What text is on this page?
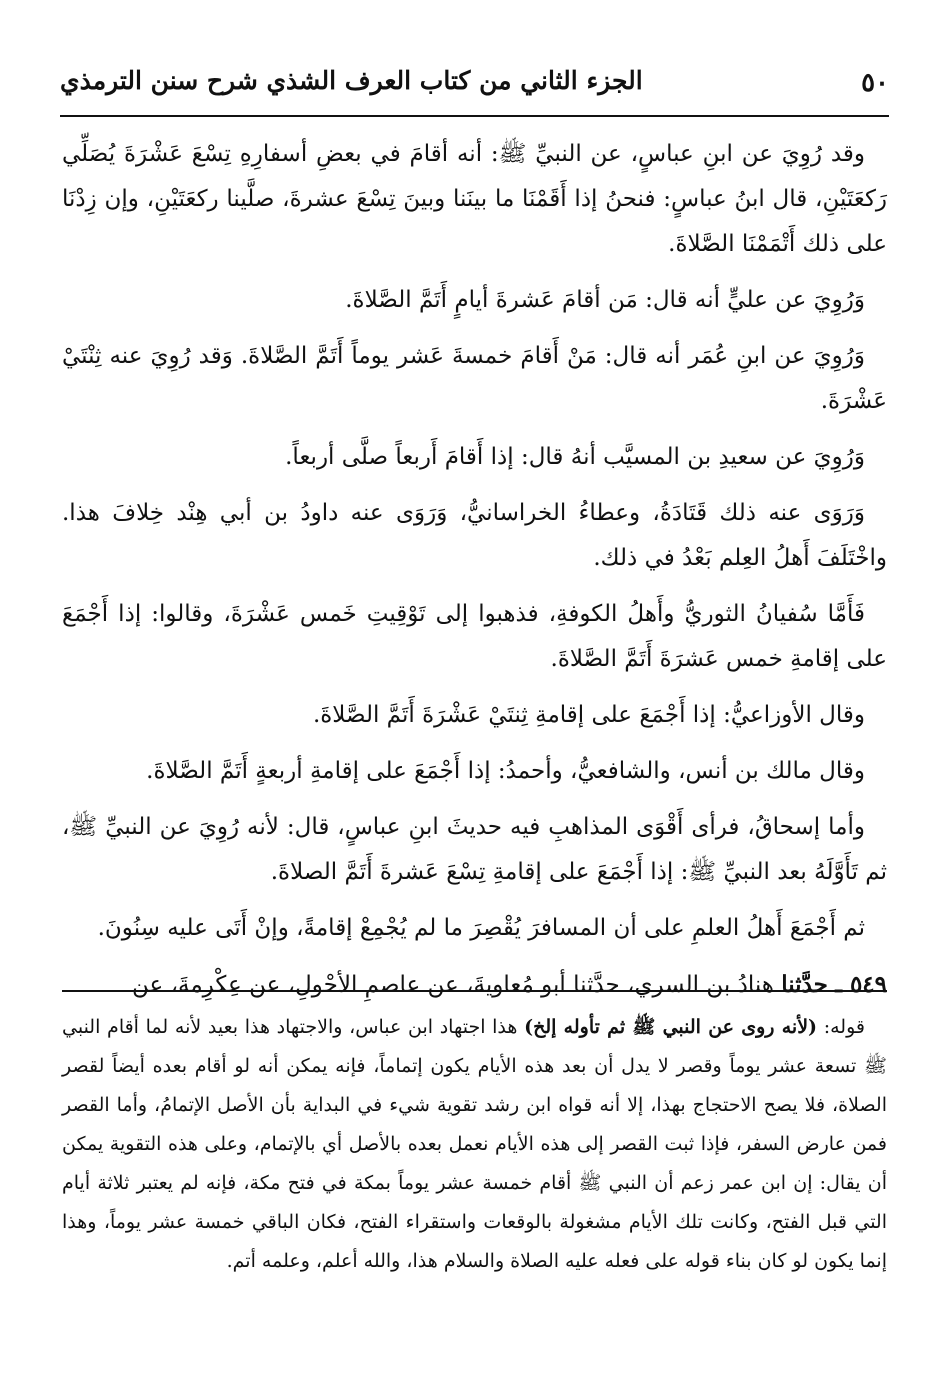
٥٠
الجزء الثاني من كتاب العرف الشذي شرح سنن الترمذي

وقد رُوِيَ عن ابنِ عباسٍ، عن النبيِّ ﷺ: أنه أقامَ في بعضِ أسفارِهِ تِسْعَ عَشْرَةَ يُصَلِّي رَكعَتَيْنِ، قال ابنُ عباسٍ: فنحنُ إذا أَقَمْنَا ما بينَنا وبينَ تِسْعَ عشرةَ، صلَّينا ركعَتَيْنِ، وإن زِدْنَا على ذلك أَتْمَمْنَا الصَّلاةَ.

وَرُوِيَ عن عليٍّ أنه قال: مَن أقامَ عَشرةَ أيامٍ أَتَمَّ الصَّلاةَ.

وَرُوِيَ عن ابنِ عُمَر أنه قال: مَنْ أَقامَ خمسةَ عَشر يوماً أَتَمَّ الصَّلاةَ. وَقد رُوِيَ عنه ثِنْتَيْ عَشْرَةَ.

وَرُوِيَ عن سعيدِ بن المسيَّب أنهُ قال: إذا أَقامَ أَربعاً صلَّى أربعاً.

وَرَوَى عنه ذلك قَتَادَةُ، وعطاءُ الخراسانيُّ، وَرَوَى عنه داودُ بن أبي هِنْد خِلافَ هذا. واخْتَلَفَ أَهلُ العِلم بَعْدُ في ذلك.

فَأَمَّا سُفيانُ الثوريُّ وأَهلُ الكوفةِ، فذهبوا إلى تَوْقِيتِ خَمس عَشْرَةَ، وقالوا: إذا أَجْمَعَ على إقامةِ خمس عَشرَةَ أَتَمَّ الصَّلاةَ.

وقال الأوزاعيُّ: إذا أَجْمَعَ على إقامةِ ثِنتَيْ عَشْرَةَ أَتَمَّ الصَّلاةَ.

وقال مالك بن أنس، والشافعيُّ، وأحمدُ: إذا أَجْمَعَ على إقامةِ أربعةٍ أَتَمَّ الصَّلاةَ.

وأما إسحاقُ، فرأى أَقْوَى المذاهبِ فيه حديثَ ابنِ عباسٍ، قال: لأنه رُوِيَ عن النبيِّ ﷺ، ثم تَأَوَّلَهُ بعد النبيِّ ﷺ: إذا أَجْمَعَ على إقامةِ تِسْعَ عَشرةَ أَتَمَّ الصلاةَ.

ثم أَجْمَعَ أَهلُ العلمِ على أن المسافرَ يُقْصِرَ ما لم يُجْمِعْ إقامةً، وإنْ أَتَى عليه سِنُونَ.

٥٤٩ ـ حدَّثنا هنادُ بن السري، حدَّثنا أبو مُعاويةَ، عن عاصمِ الأحْولِ، عن عِكْرِمةَ، عن

قوله: (لأنه روى عن النبي ﷺ ثم تأوله إلخ) هذا اجتهاد ابن عباس، والاجتهاد هذا بعيد لأنه لما أقام النبي ﷺ تسعة عشر يوماً وقصر لا يدل أن بعد هذه الأيام يكون إتماماً، فإنه يمكن أنه لو أقام بعده أيضاً لقصر الصلاة، فلا يصح الاحتجاج بهذا، إلا أنه قواه ابن رشد تقوية شيء في البداية بأن الأصل الإتمامُ، وأما القصر فمن عارض السفر، فإذا ثبت القصر إلى هذه الأيام نعمل بعده بالأصل أي بالإتمام، وعلى هذه التقوية يمكن أن يقال: إن ابن عمر زعم أن النبي ﷺ أقام خمسة عشر يوماً بمكة في فتح مكة، فإنه لم يعتبر ثلاثة أيام التي قبل الفتح، وكانت تلك الأيام مشغولة بالوقعات واستقراء الفتح، فكان الباقي خمسة عشر يوماً، وهذا إنما يكون لو كان بناء قوله على فعله عليه الصلاة والسلام هذا، والله أعلم، وعلمه أتم.
